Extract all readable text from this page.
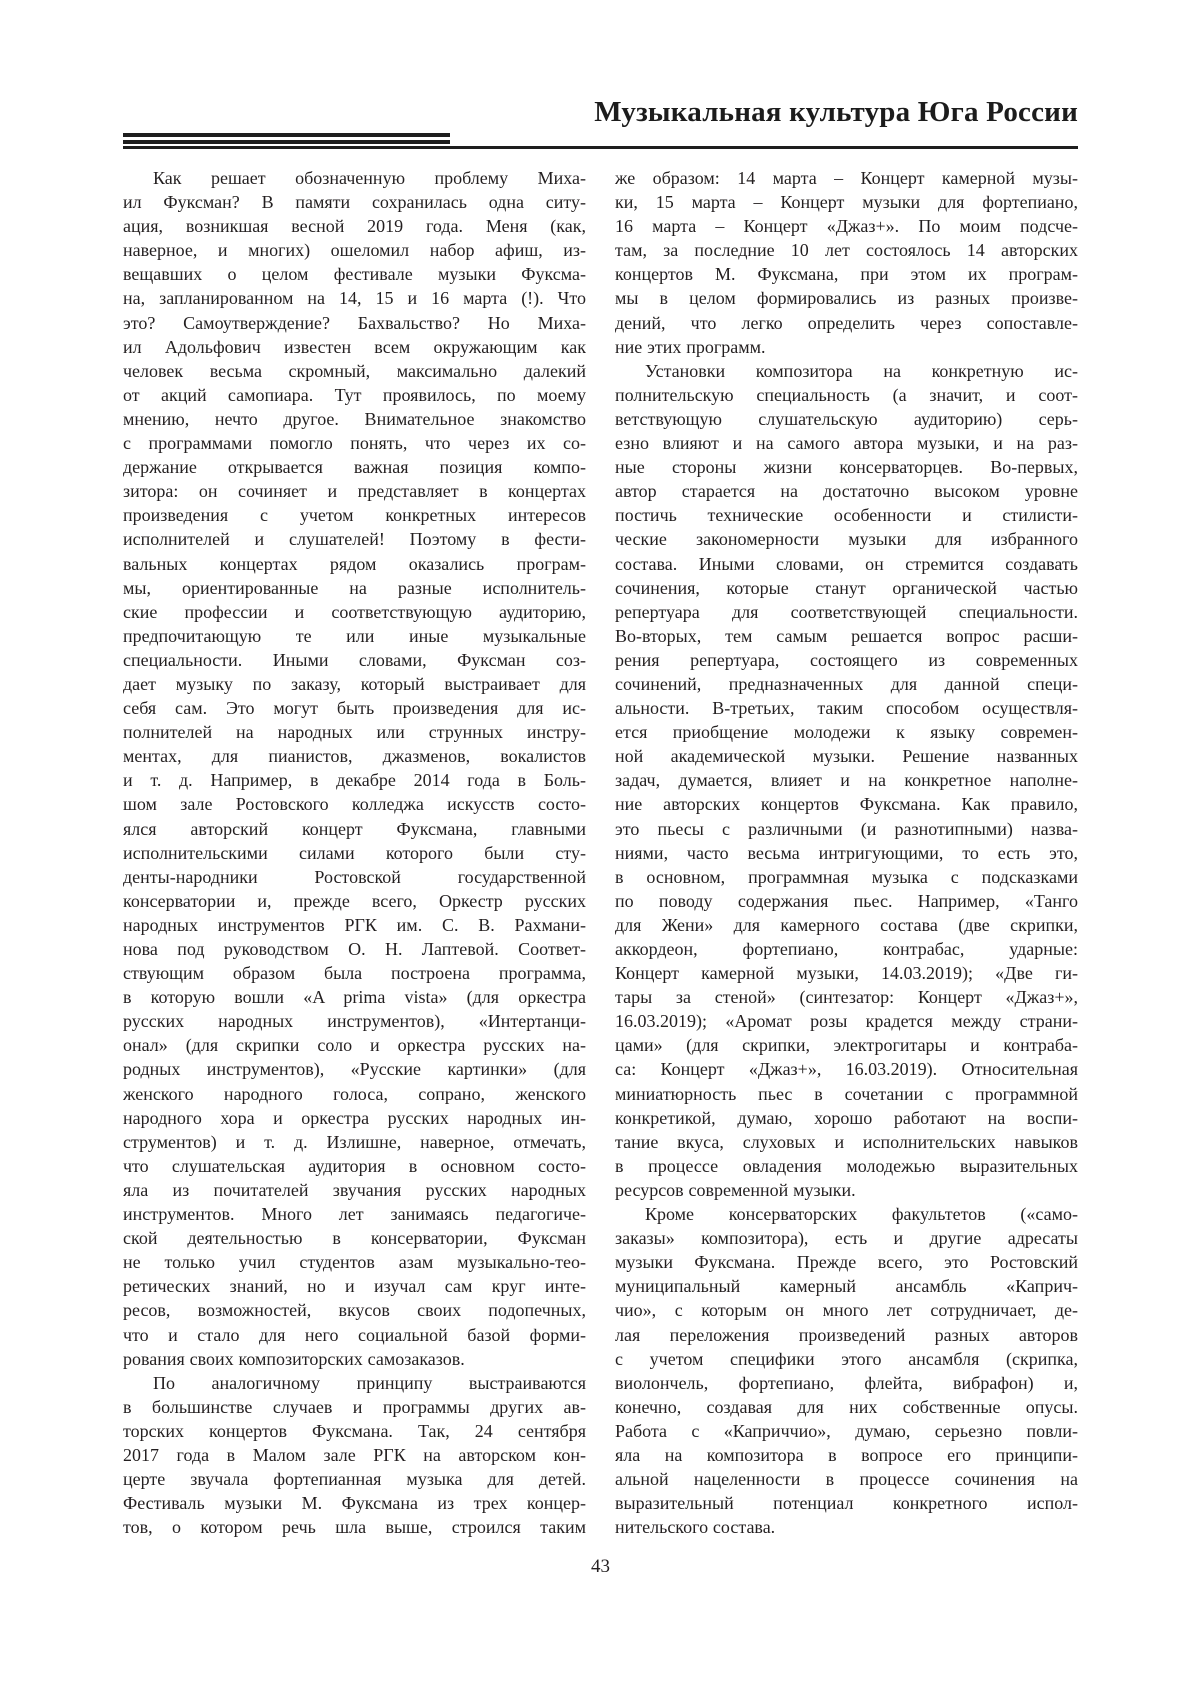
Музыкальная культура Юга России
Как решает обозначенную проблему Миха-
ил Фуксман? В памяти сохранилась одна ситу-
ация, возникшая весной 2019 года. Меня (как,
наверное, и многих) ошеломил набор афиш, из-
вещавших о целом фестивале музыки Фуксма-
на, запланированном на 14, 15 и 16 марта (!). Что
это? Самоутверждение? Бахвальство? Но Миха-
ил Адольфович известен всем окружающим как
человек весьма скромный, максимально далекий
от акций самопиара. Тут проявилось, по моему
мнению, нечто другое. Внимательное знакомство
с программами помогло понять, что через их со-
держание открывается важная позиция компо-
зитора: он сочиняет и представляет в концертах
произведения с учетом конкретных интересов
исполнителей и слушателей! Поэтому в фести-
вальных концертах рядом оказались програм-
мы, ориентированные на разные исполнитель-
ские профессии и соответствующую аудиторию,
предпочитающую те или иные музыкальные
специальности. Иными словами, Фуксман соз-
дает музыку по заказу, который выстраивает для
себя сам. Это могут быть произведения для ис-
полнителей на народных или струнных инстру-
ментах, для пианистов, джазменов, вокалистов
и т. д. Например, в декабре 2014 года в Боль-
шом зале Ростовского колледжа искусств состо-
ялся авторский концерт Фуксмана, главными
исполнительскими силами которого были сту-
денты-народники Ростовской государственной
консерватории и, прежде всего, Оркестр русских
народных инструментов РГК им. С. В. Рахмани-
нова под руководством О. Н. Лаптевой. Соответ-
ствующим образом была построена программа,
в которую вошли «A prima vista» (для оркестра
русских народных инструментов), «Интертанци-
онал» (для скрипки соло и оркестра русских на-
родных инструментов), «Русские картинки» (для
женского народного голоса, сопрано, женского
народного хора и оркестра русских народных ин-
струментов) и т. д. Излишне, наверное, отмечать,
что слушательская аудитория в основном состо-
яла из почитателей звучания русских народных
инструментов. Много лет занимаясь педагогиче-
ской деятельностью в консерватории, Фуксман
не только учил студентов азам музыкально-тео-
ретических знаний, но и изучал сам круг инте-
ресов, возможностей, вкусов своих подопечных,
что и стало для него социальной базой форми-
рования своих композиторских самозаказов.
По аналогичному принципу выстраиваются
в большинстве случаев и программы других ав-
торских концертов Фуксмана. Так, 24 сентября
2017 года в Малом зале РГК на авторском кон-
церте звучала фортепианная музыка для детей.
Фестиваль музыки М. Фуксмана из трех концер-
тов, о котором речь шла выше, строился таким
же образом: 14 марта – Концерт камерной музы-
ки, 15 марта – Концерт музыки для фортепиано,
16 марта – Концерт «Джаз+». По моим подсче-
там, за последние 10 лет состоялось 14 авторских
концертов М. Фуксмана, при этом их програм-
мы в целом формировались из разных произве-
дений, что легко определить через сопоставле-
ние этих программ.
Установки композитора на конкретную ис-
полнительскую специальность (а значит, и соот-
ветствующую слушательскую аудиторию) серь-
езно влияют и на самого автора музыки, и на раз-
ные стороны жизни консерваторцев. Во-первых,
автор старается на достаточно высоком уровне
постичь технические особенности и стилисти-
ческие закономерности музыки для избранного
состава. Иными словами, он стремится создавать
сочинения, которые станут органической частью
репертуара для соответствующей специальности.
Во-вторых, тем самым решается вопрос расши-
рения репертуара, состоящего из современных
сочинений, предназначенных для данной специ-
альности. В-третьих, таким способом осуществля-
ется приобщение молодежи к языку современ-
ной академической музыки. Решение названных
задач, думается, влияет и на конкретное наполне-
ние авторских концертов Фуксмана. Как правило,
это пьесы с различными (и разнотипными) назва-
ниями, часто весьма интригующими, то есть это,
в основном, программная музыка с подсказками
по поводу содержания пьес. Например, «Танго
для Жени» для камерного состава (две скрипки,
аккордеон, фортепиано, контрабас, ударные:
Концерт камерной музыки, 14.03.2019); «Две ги-
тары за стеной» (синтезатор: Концерт «Джаз+»,
16.03.2019); «Аромат розы крадется между страни-
цами» (для скрипки, электрогитары и контраба-
са: Концерт «Джаз+», 16.03.2019). Относительная
миниатюрность пьес в сочетании с программной
конкретикой, думаю, хорошо работают на воспи-
тание вкуса, слуховых и исполнительских навыков
в процессе овладения молодежью выразительных
ресурсов современной музыки.
Кроме консерваторских факультетов («само-
заказы» композитора), есть и другие адресаты
музыки Фуксмана. Прежде всего, это Ростовский
муниципальный камерный ансамбль «Каприч-
чио», с которым он много лет сотрудничает, де-
лая переложения произведений разных авторов
с учетом специфики этого ансамбля (скрипка,
виолончель, фортепиано, флейта, вибрафон) и,
конечно, создавая для них собственные опусы.
Работа с «Каприччио», думаю, серьезно повли-
яла на композитора в вопросе его принципи-
альной нацеленности в процессе сочинения на
выразительный потенциал конкретного испол-
нительского состава.
43
